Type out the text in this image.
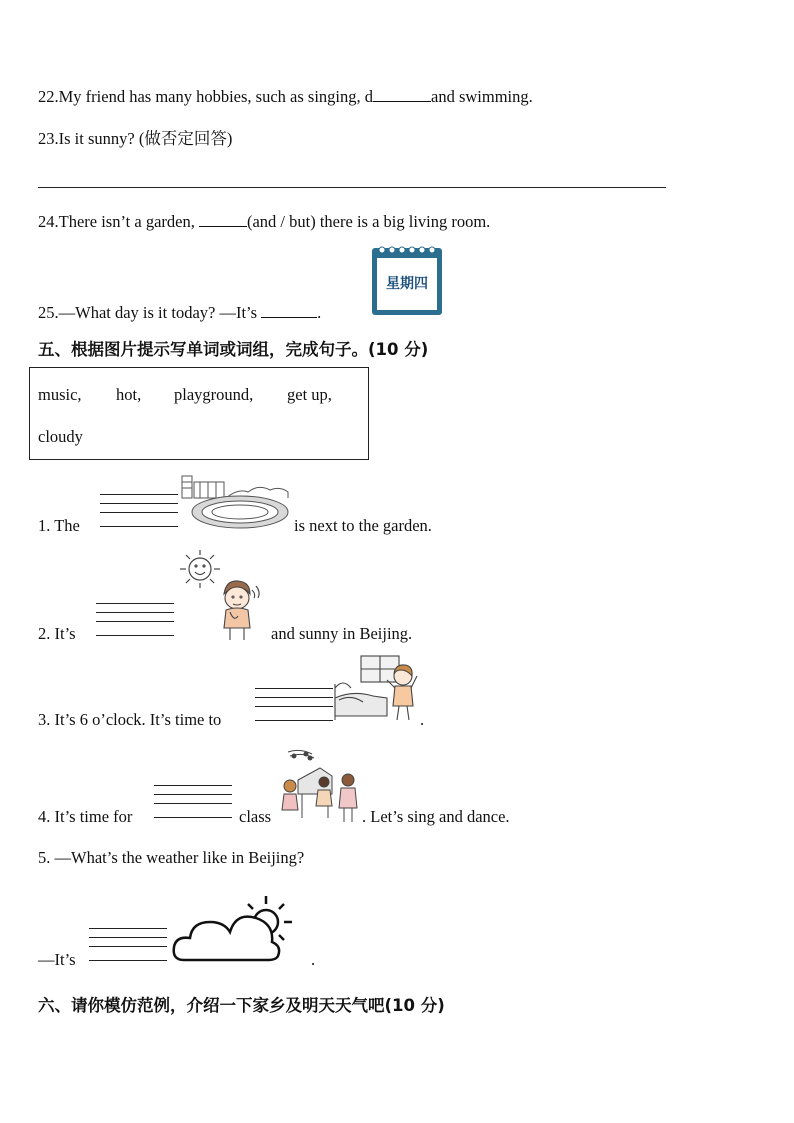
22.My friend has many hobbies, such as singing, d	and swimming.
23.Is it sunny? (做否定回答)
24.There isn’t a garden,	(and / but) there is a big living room.
星期四
25.—What day is it today? —It’s	.
五、根据图片提示写单词或词组，完成句子。(10 分)
music, hot, playground, get up,
cloudy
1. The	is next to the garden.
2. It’s	and sunny in Beijing.
3. It’s 6 o’clock. It’s time to	.
4. It’s time for	class	. Let’s sing and dance.
5. —What’s the weather like in Beijing?
—It’s	.
六、请你模仿范例，介绍一下家乡及明天天气吧(10 分)
